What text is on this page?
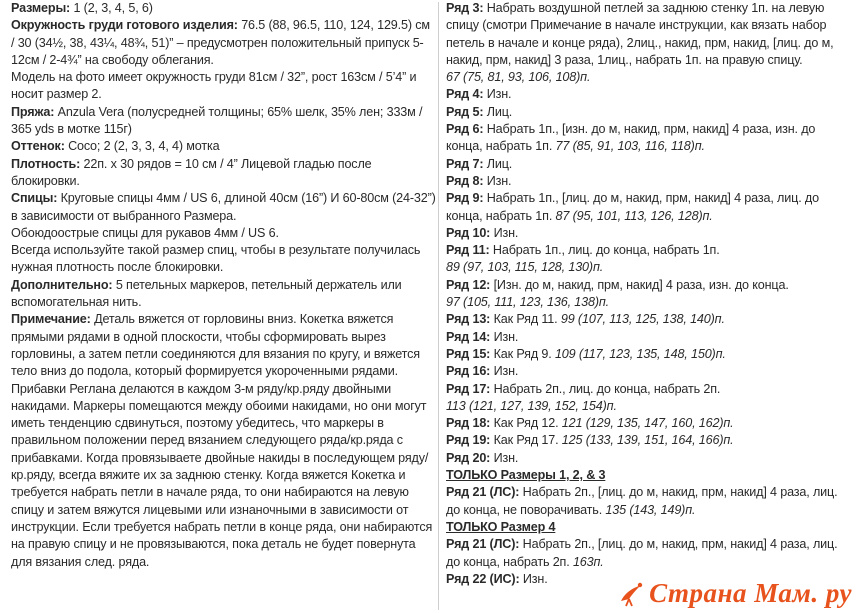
Размеры: 1 (2, 3, 4, 5, 6)

Окружность груди готового изделия: 76.5 (88, 96.5, 110, 124, 129.5) см / 30 (34½, 38, 43¼, 48¾, 51)” – предусмотрен положительный припуск 5-12см / 2-4¾” на свободу облегания.

Модель на фото имеет окружность груди 81см / 32”, рост 163см / 5’4” и носит размер 2.

Пряжа: Anzula Vera (полусредней толщины; 65% шелк, 35% лен; 333м / 365 yds в мотке 115г)

Оттенок: Coco; 2 (2, 3, 3, 4, 4) мотка

Плотность: 22п. x 30 рядов = 10 см / 4” Лицевой гладью после блокировки.

Спицы: Круговые спицы 4мм / US 6, длиной 40см (16”) И 60-80см (24-32”) в зависимости от выбранного Размера.

Обоюдоострые спицы для рукавов 4мм / US 6.

Всегда используйте такой размер спиц, чтобы в результате получилась нужная плотность после блокировки.

Дополнительно: 5 петельных маркеров, петельный держатель или вспомогательная нить.

Примечание: Деталь вяжется от горловины вниз. Кокетка вяжется прямыми рядами в одной плоскости, чтобы сформировать вырез горловины, а затем петли соединяются для вязания по кругу, и вяжется тело вниз до подола, который формируется укороченными рядами. Прибавки Реглана делаются в каждом 3-м ряду/кр.ряду двойными накидами. Маркеры помещаются между обоими накидами, но они могут иметь тенденцию сдвинуться, поэтому убедитесь, что маркеры в правильном положении перед вязанием следующего ряда/кр.ряда с прибавками. Когда провязываете двойные накиды в последующем ряду/кр.ряду, всегда вяжите их за заднюю стенку. Когда вяжется Кокетка и требуется набрать петли в начале ряда, то они набираются на левую спицу и затем вяжутся лицевыми или изнаночными в зависимости от инструкции. Если требуется набрать петли в конце ряда, они набираются на правую спицу и не провязываются, пока деталь не будет повернута для вязания след. ряда.

Ряд 3: Набрать воздушной петлей за заднюю стенку 1п. на левую спицу (смотри Примечание в начале инструкции, как вязать набор петель в начале и конце ряда), 2лиц., накид, прм, накид, [лиц. до м, накид, прм, накид] 3 раза, 1лиц., набрать 1п. на правую спицу.

67 (75, 81, 93, 106, 108)п.

Ряд 4: Изн.

Ряд 5: Лиц.

Ряд 6: Набрать 1п., [изн. до м, накид, прм, накид] 4 раза, изн. до

конца, набрать 1п. 77 (85, 91, 103, 116, 118)п.

Ряд 7: Лиц.

Ряд 8: Изн.

Ряд 9: Набрать 1п., [лиц. до м, накид, прм, накид] 4 раза, лиц. до

конца, набрать 1п. 87 (95, 101, 113, 126, 128)п.

Ряд 10: Изн.

Ряд 11: Набрать 1п., лиц. до конца, набрать 1п.

89 (97, 103, 115, 128, 130)п.

Ряд 12: [Изн. до м, накид, прм, накид] 4 раза, изн. до конца.

97 (105, 111, 123, 136, 138)п.

Ряд 13: Как Ряд 11. 99 (107, 113, 125, 138, 140)п.

Ряд 14: Изн.

Ряд 15: Как Ряд 9. 109 (117, 123, 135, 148, 150)п.

Ряд 16: Изн.

Ряд 17: Набрать 2п., лиц. до конца, набрать 2п.

113 (121, 127, 139, 152, 154)п.

Ряд 18: Как Ряд 12. 121 (129, 135, 147, 160, 162)п.

Ряд 19: Как Ряд 17. 125 (133, 139, 151, 164, 166)п.

Ряд 20: Изн.

ТОЛЬКО Размеры 1, 2, & 3

Ряд 21 (ЛС): Набрать 2п., [лиц. до м, накид, прм, накид] 4 раза, лиц.

до конца, не поворачивать. 135 (143, 149)п.

ТОЛЬКО Размер 4

Ряд 21 (ЛС): Набрать 2п., [лиц. до м, накид, прм, накид] 4 раза, лиц.

до конца, набрать 2п. 163п.

Ряд 22 (ИС): Изн.	Страна Мам . ру
